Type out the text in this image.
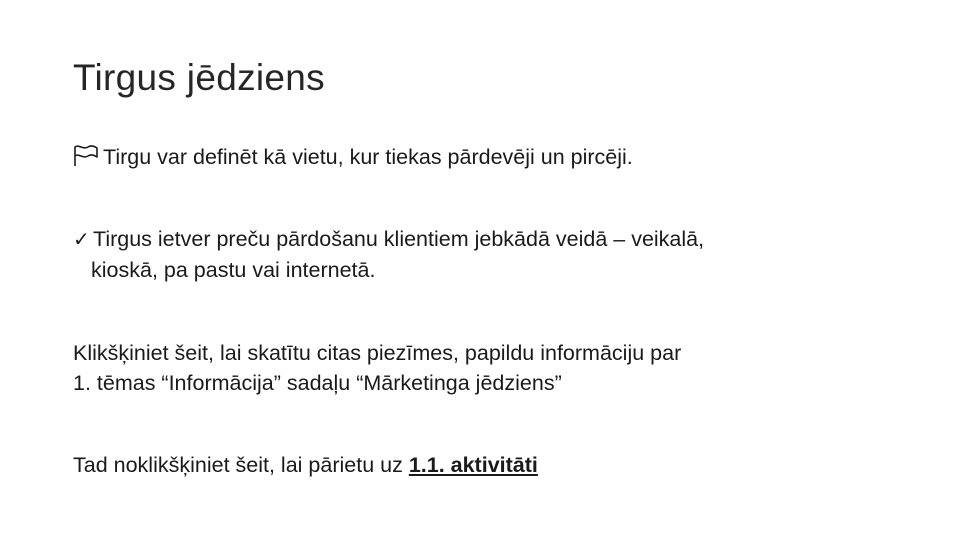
Tirgus jēdziens
Tirgu var definēt kā vietu, kur tiekas pārdevēji un pircēji.
✓ Tirgus ietver preču pārdošanu klientiem jebkādā veidā – veikalā,
kioskā, pa pastu vai internetā.
Klikšķiniet šeit, lai skatītu citas piezīmes, papildu informāciju par
1. tēmas “Informācija” sadaļu “Mārketinga jēdziens”
Tad noklikšķiniet šeit, lai pārietu uz 1.1. aktivitāti
